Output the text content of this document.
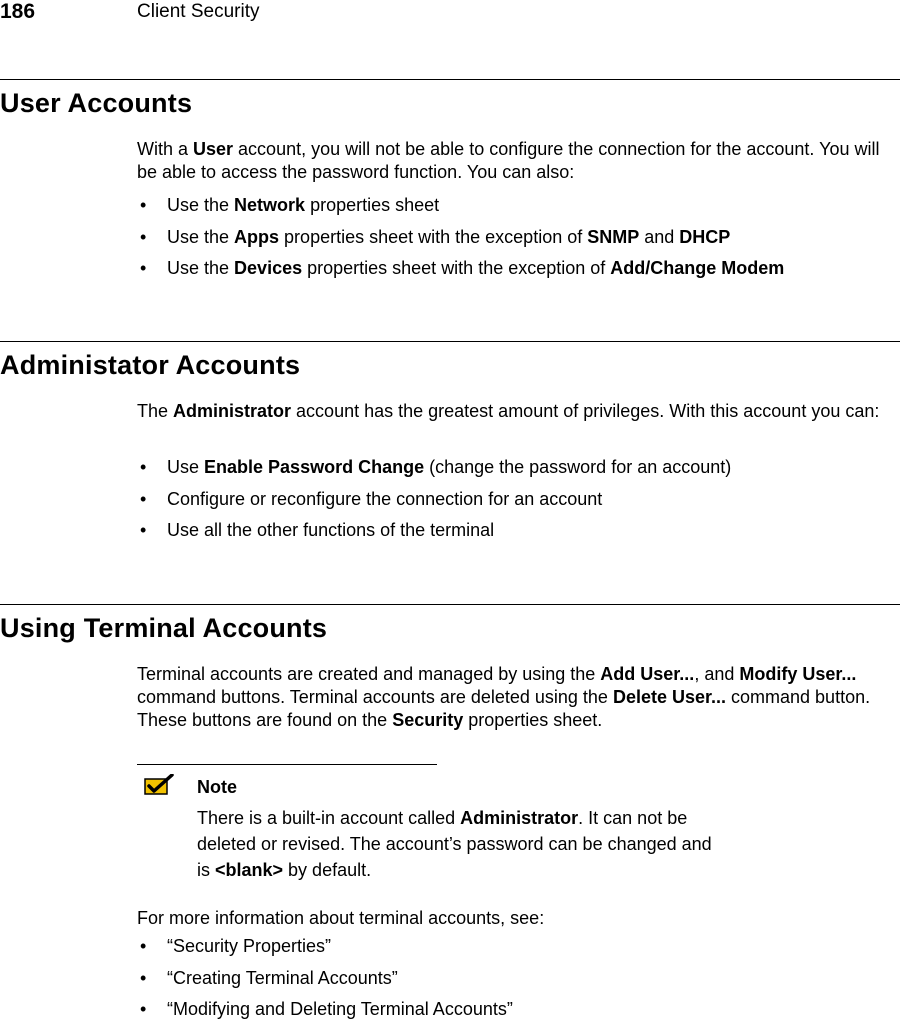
186	Client Security
User Accounts

With a User account, you will not be able to configure the connection for the account. You will be able to access the password function. You can also:

• Use the Network properties sheet
• Use the Apps properties sheet with the exception of SNMP and DHCP
• Use the Devices properties sheet with the exception of Add/Change Modem
Administator Accounts

The Administrator account has the greatest amount of privileges. With this account you can:

• Use Enable Password Change (change the password for an account)
• Configure or reconfigure the connection for an account
• Use all the other functions of the terminal
Using Terminal Accounts

Terminal accounts are created and managed by using the Add User..., and Modify User... command buttons. Terminal accounts are deleted using the Delete User... command button. These buttons are found on the Security properties sheet.

Note

There is a built-in account called Administrator. It can not be deleted or revised. The account’s password can be changed and is <blank> by default.

For more information about terminal accounts, see:

• “Security Properties”
• “Creating Terminal Accounts”
• “Modifying and Deleting Terminal Accounts”
